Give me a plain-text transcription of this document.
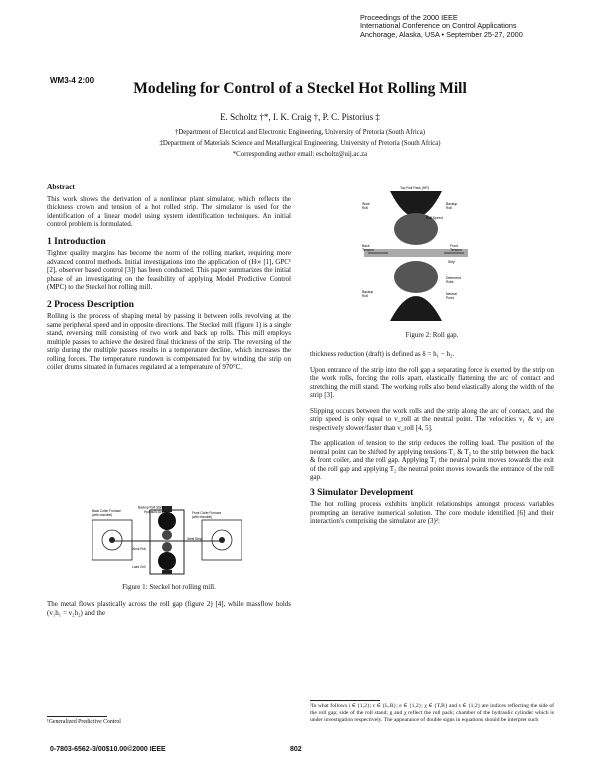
Proceedings of the 2000 IEEE
International Conference on Control Applications
Anchorage, Alaska, USA • September 25-27, 2000
WM3-4 2:00	Modeling for Control of a Steckel Hot Rolling Mill
E. Scholtz †*, I. K. Craig †, P. C. Pistorius ‡
†Department of Electrical and Electronic Engineering, University of Pretoria (South Africa)
‡Department of Materials Science and Metallurgical Engineering, University of Pretoria (South Africa)
*Corresponding author email: escholtz@uij.ac.za
Abstract

This work shows the derivation of a nonlinear plant simulator, which reflects the thickness crown and tension of a hot rolled strip. The simulator is used for the identification of a linear model using system identification techniques. An initial control problem is formulated.

1 Introduction

Tighter quality margins has become the norm of the rolling market, requiring more advanced control methods. Initial investigations into the application of (H∞ [1], GPC¹ [2], observer based control [3]) has been conducted. This paper summarizes the initial phase of an investigating on the feasibility of applying Model Predictive Control (MPC) to the Steckel hot rolling mill.

2 Process Description

Rolling is the process of shaping metal by passing it between rolls revolving at the same peripheral speed and in opposite directions. The Steckel mill (figure 1) is a single stand, reversing mill consisting of two work and back up rolls. This mill employs multiple passes to achieve the desired final thickness of the strip. The reversing of the strip during the multiple passes results in a temperature decline, which increases the rolling forces. The temperature rundown is compensated for by winding the strip on coiler drums situated in furnaces regulated at a temperature of 970°C.

Back Coiler Furnace (with mandrel)
Backup Roll Stand
Hydraulic Actuator	Front Coiler Furnace (with mandrel)
Work Roll
Steel Strip
Load Cell
Figure 1: Steckel hot rolling mill.
The metal flows plastically across the roll gap (figure 2) [4], while massflow holds (v₁h₁ = v₂h₂) and the
¹Generalized Predictive Control
Top Roll Pack (HR)
Work Roll
Backup Roll
Back Tension
Front Tension
Roll Speed
Strip
Neutral Point
Deformed Rolls
Backup Roll
Figure 2: Roll gap.

thickness reduction (draft) is defined as δ = h₁ − h₂.

Upon entrance of the strip into the roll gap a separating force is exerted by the strip on the work rolls, forcing the rolls apart, elastically flattening the arc of contact and stretching the mill stand. The working rolls also bend elastically along the width of the strip [3].

Slipping occurs between the work rolls and the strip along the arc of contact, and the strip speed is only equal to v_roll at the neutral point. The velocities v₁ & v₂ are respectively slower/faster than v_roll [4, 5].

The application of tension to the strip reduces the rolling load. The position of the neutral point can be shifted by applying tensions T₁ & T₂ to the strip between the back & front coiler, and the roll gap. Applying T₁ the neutral point moves towards the exit of the roll gap and applying T₂ the neutral point moves towards the entrance of the roll gap.

3 Simulator Development

The hot rolling process exhibits implicit relationships amongst process variables prompting an iterative numerical solution. The core module identified [6] and their interaction's comprising the simulator are (3)²:

²In what follows i ∈ {1,2}; c ∈ {L,R}; e ∈ {1,2}; χ ∈ {T,B} and s ∈ {1,2} are indices reflecting the side of the roll gap; side of the roll stand; g and χ reflect the roll pack; chamber of the hydraulic cylinder which is under investigation respectively. The appearance of double signs in equations should be interpret such
0-7803-6562-3/00$10.00©2000 IEEE	802
